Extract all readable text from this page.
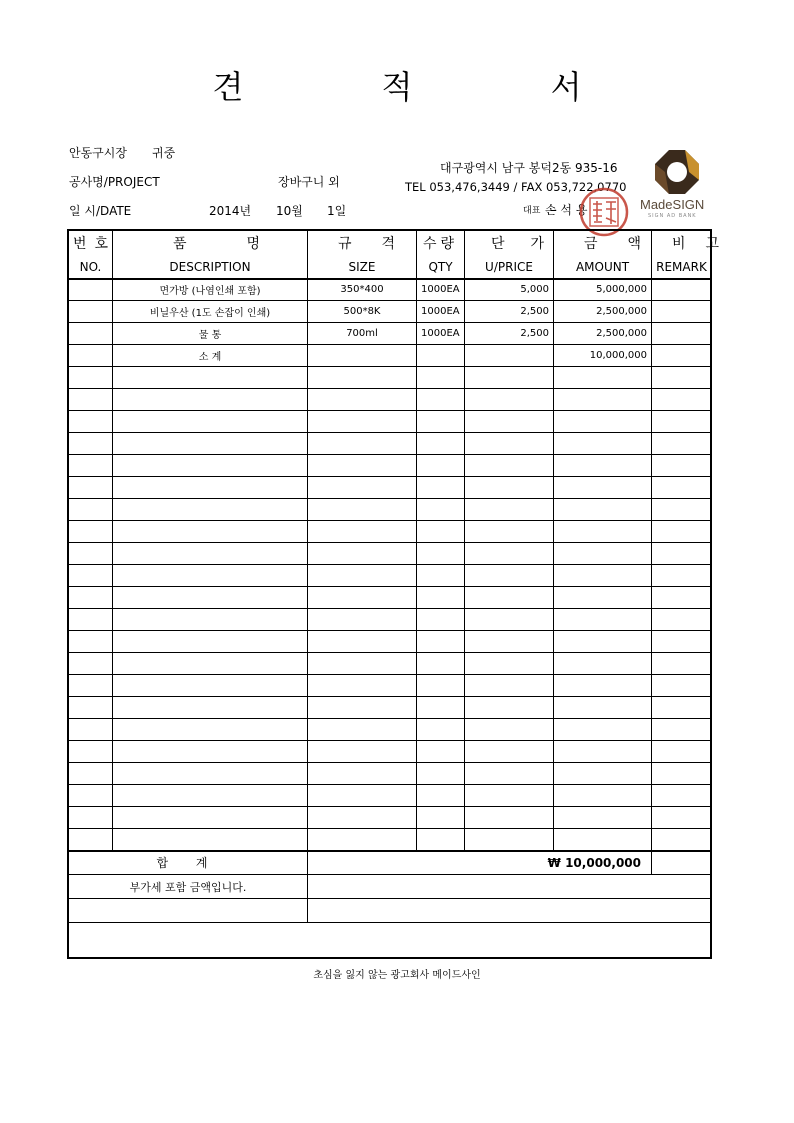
견 적 서
안동구시장 귀중
공사명/PROJECT	장바구니 외
일 시/DATE	2014년 10월 1일
대구광역시 남구 봉덕2동 935-16
TEL 053,476,3449 / FAX 053,722,0770
대표 손 석 용	MadeSIGN
SIGN AD BANK
번호	품명	규격	수량	단가	금액	비고
NO.	DESCRIPTION	SIZE	QTY	U/PRICE	AMOUNT	REMARK
	면가방 (나염인쇄 포함)	350*400	1000EA	5,000	5,000,000	
	비닐우산 (1도 손잡이 인쇄)	500*8K	1000EA	2,500	2,500,000	
	물 통	700ml	1000EA	2,500	2,500,000	
	소 계				10,000,000	

합 계		₩ 10,000,000				
부가세 포함 금액입니다.						

초심을 잃지 않는 광고회사 메이드사인
